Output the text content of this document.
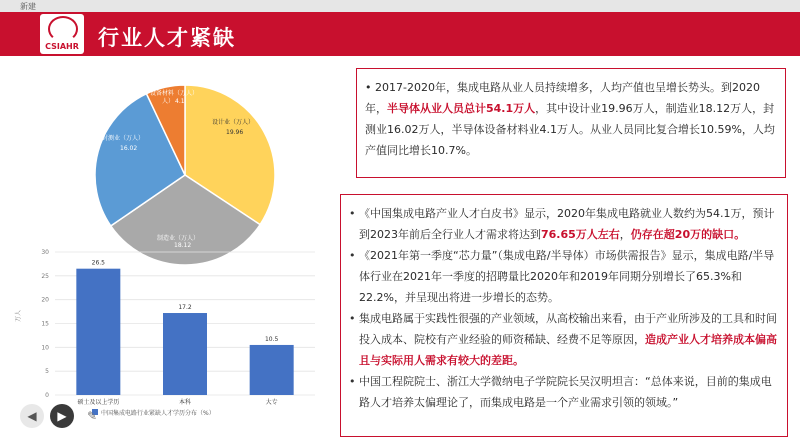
新建
CSIAHR 行业人才紧缺
设计业（万人）
19.96
制造业（万人）
18.12
封测业（万人）
16.02
设备材料（万人）
人） 4.1
0
5
10
15
20
25
30
26.5
硕士及以上学历
17.2
本科
10.5
大专
万人
中国集成电路行业紧缺人才学历分布（%）
• 2017-2020年，集成电路从业人员持续增多，人均产值也呈增长势头。到2020年，半导体从业人员总计54.1万人，其中设计业19.96万人，制造业18.12万人，封测业16.02万人，半导体设备材料业4.1万人。从业人员同比复合增长10.59%，人均产值同比增长10.7%。
• 《中国集成电路产业人才白皮书》显示，2020年集成电路就业人数约为54.1万，预计到2023年前后全行业人才需求将达到76.65万人左右，仍存在超20万的缺口。
• 《2021年第一季度“芯力量”（集成电路/半导体）市场供需报告》显示，集成电路/半导体行业在2021年一季度的招聘量比2020年和2019年同期分别增长了65.3%和22.2%，并呈现出将进一步增长的态势。
• 集成电路属于实践性很强的产业领域，从高校输出来看，由于产业所涉及的工具和时间投入成本、院校有产业经验的师资稀缺、经费不足等原因，造成产业人才培养成本偏高且与实际用人需求有较大的差距。
• 中国工程院院士、浙江大学微纳电子学院院长吴汉明坦言：“总体来说，目前的集成电路人才培养太偏理论了，而集成电路是一个产业需求引领的领域。”
◀	▶	✎
